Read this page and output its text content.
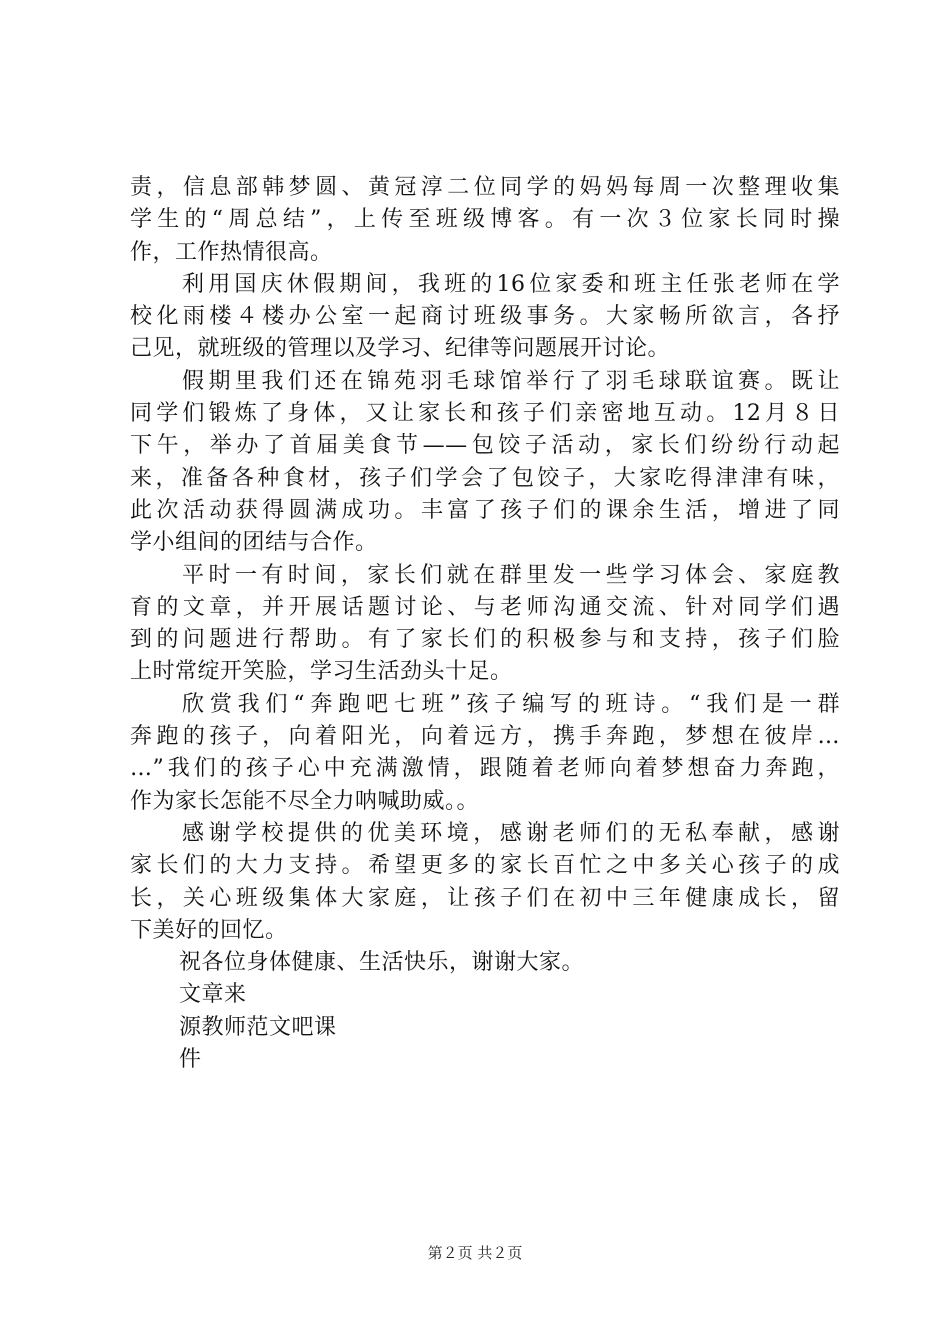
责，信息部韩梦圆、黄冠淳二位同学的妈妈每周一次整理收集
学生的“周总结”，上传至班级博客。有一次３位家长同时操
作，工作热情很高。
利用国庆休假期间，我班的16位家委和班主任张老师在学
校化雨楼４楼办公室一起商讨班级事务。大家畅所欲言，各抒
己见，就班级的管理以及学习、纪律等问题展开讨论。
假期里我们还在锦苑羽毛球馆举行了羽毛球联谊赛。既让
同学们锻炼了身体，又让家长和孩子们亲密地互动。12月８日
下午，举办了首届美食节——包饺子活动，家长们纷纷行动起
来，准备各种食材，孩子们学会了包饺子，大家吃得津津有味，
此次活动获得圆满成功。丰富了孩子们的课余生活，增进了同
学小组间的团结与合作。
平时一有时间，家长们就在群里发一些学习体会、家庭教
育的文章，并开展话题讨论、与老师沟通交流、针对同学们遇
到的问题进行帮助。有了家长们的积极参与和支持，孩子们脸
上时常绽开笑脸，学习生活劲头十足。
欣赏我们“奔跑吧七班”孩子编写的班诗。“我们是一群
奔跑的孩子，向着阳光，向着远方，携手奔跑，梦想在彼岸…
…”我们的孩子心中充满激情，跟随着老师向着梦想奋力奔跑，
作为家长怎能不尽全力呐喊助威。。
感谢学校提供的优美环境，感谢老师们的无私奉献，感谢
家长们的大力支持。希望更多的家长百忙之中多关心孩子的成
长，关心班级集体大家庭，让孩子们在初中三年健康成长，留
下美好的回忆。
祝各位身体健康、生活快乐，谢谢大家。
文章来
源教师范文吧课
件
第２页 共２页
